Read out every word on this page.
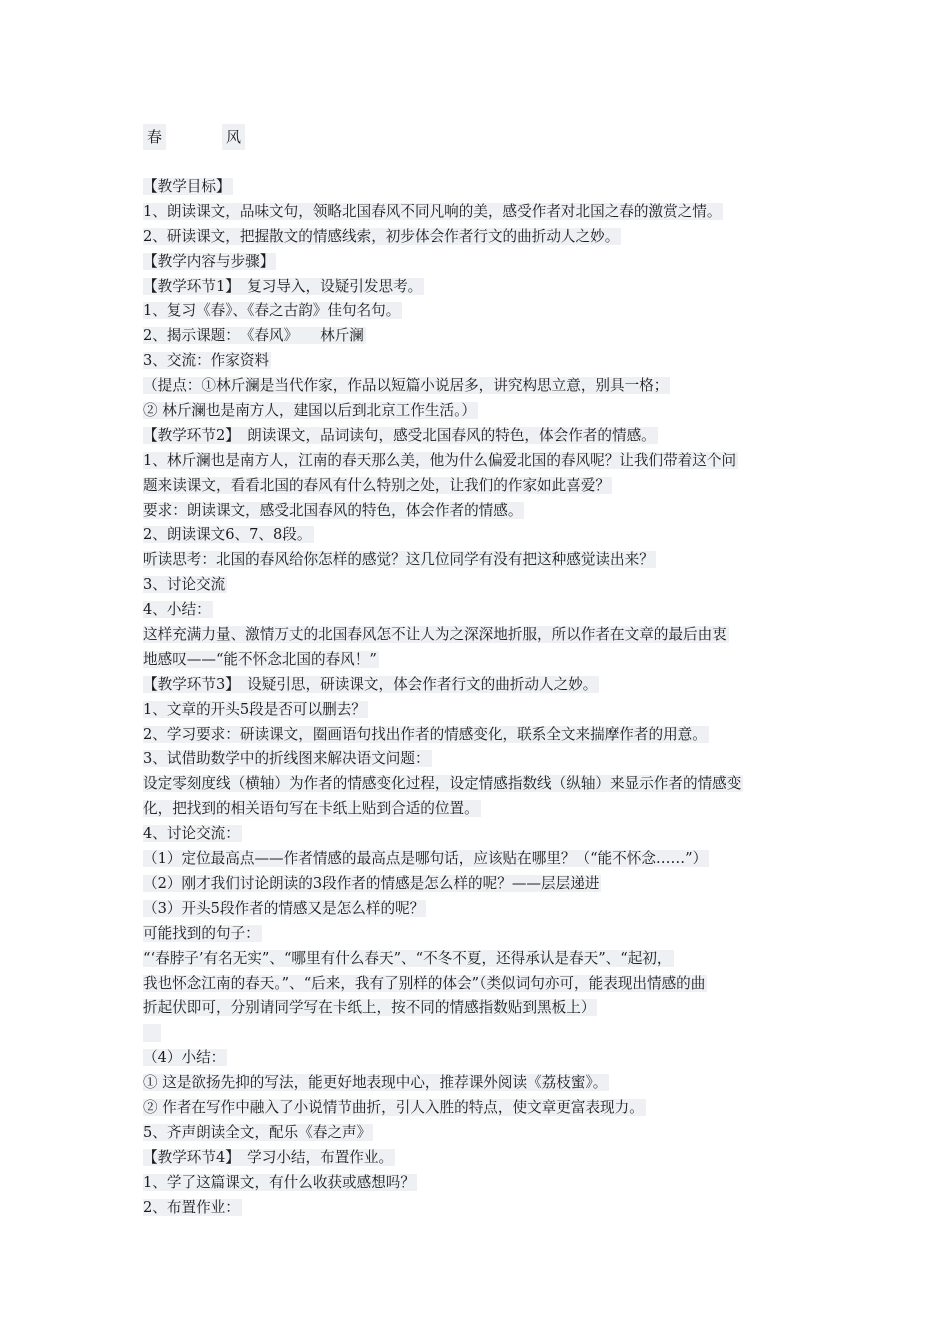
春	风
【教学目标】
1、朗读课文，品味文句，领略北国春风不同凡响的美，感受作者对北国之春的激赏之情。
2、研读课文，把握散文的情感线索，初步体会作者行文的曲折动人之妙。
【教学内容与步骤】
【教学环节1】　复习导入，设疑引发思考。
1、复习《春》、《春之古韵》佳句名句。
2、揭示课题：　《春风》　　林斤澜
3、交流：作家资料
（提点：①林斤澜是当代作家，作品以短篇小说居多，讲究构思立意，别具一格；
② 林斤澜也是南方人，建国以后到北京工作生活。）
【教学环节2】　朗读课文，品词读句，感受北国春风的特色，体会作者的情感。
1、林斤澜也是南方人，江南的春天那么美，他为什么偏爱北国的春风呢？让我们带着这个问
题来读课文，看看北国的春风有什么特别之处，让我们的作家如此喜爱？
要求：朗读课文，感受北国春风的特色，体会作者的情感。
2、朗读课文6、7、8段。
听读思考：北国的春风给你怎样的感觉？这几位同学有没有把这种感觉读出来？
3、讨论交流
4、小结：
这样充满力量、激情万丈的北国春风怎不让人为之深深地折服，所以作者在文章的最后由衷
地感叹——“能不怀念北国的春风！”
【教学环节3】　设疑引思，研读课文，体会作者行文的曲折动人之妙。
1、文章的开头5段是否可以删去？
2、学习要求：研读课文，圈画语句找出作者的情感变化，联系全文来揣摩作者的用意。
3、试借助数学中的折线图来解决语文问题：
设定零刻度线（横轴）为作者的情感变化过程，设定情感指数线（纵轴）来显示作者的情感变
化，把找到的相关语句写在卡纸上贴到合适的位置。
4、讨论交流：
（1）定位最高点——作者情感的最高点是哪句话，应该贴在哪里？（“能不怀念……”）
（2）刚才我们讨论朗读的3段作者的情感是怎么样的呢？——层层递进
（3）开头5段作者的情感又是怎么样的呢？
可能找到的句子：
“‘春脖子’有名无实”、“哪里有什么春天”、“不冬不夏，还得承认是春天”、“起初，
我也怀念江南的春天。”、“后来，我有了别样的体会”（类似词句亦可，能表现出情感的曲
折起伏即可，分别请同学写在卡纸上，按不同的情感指数贴到黑板上）
（4）小结：
① 这是欲扬先抑的写法，能更好地表现中心，推荐课外阅读《荔枝蜜》。
② 作者在写作中融入了小说情节曲折，引人入胜的特点，使文章更富表现力。
5、齐声朗读全文，配乐《春之声》
【教学环节4】　学习小结，布置作业。
1、学了这篇课文，有什么收获或感想吗？
2、布置作业：
